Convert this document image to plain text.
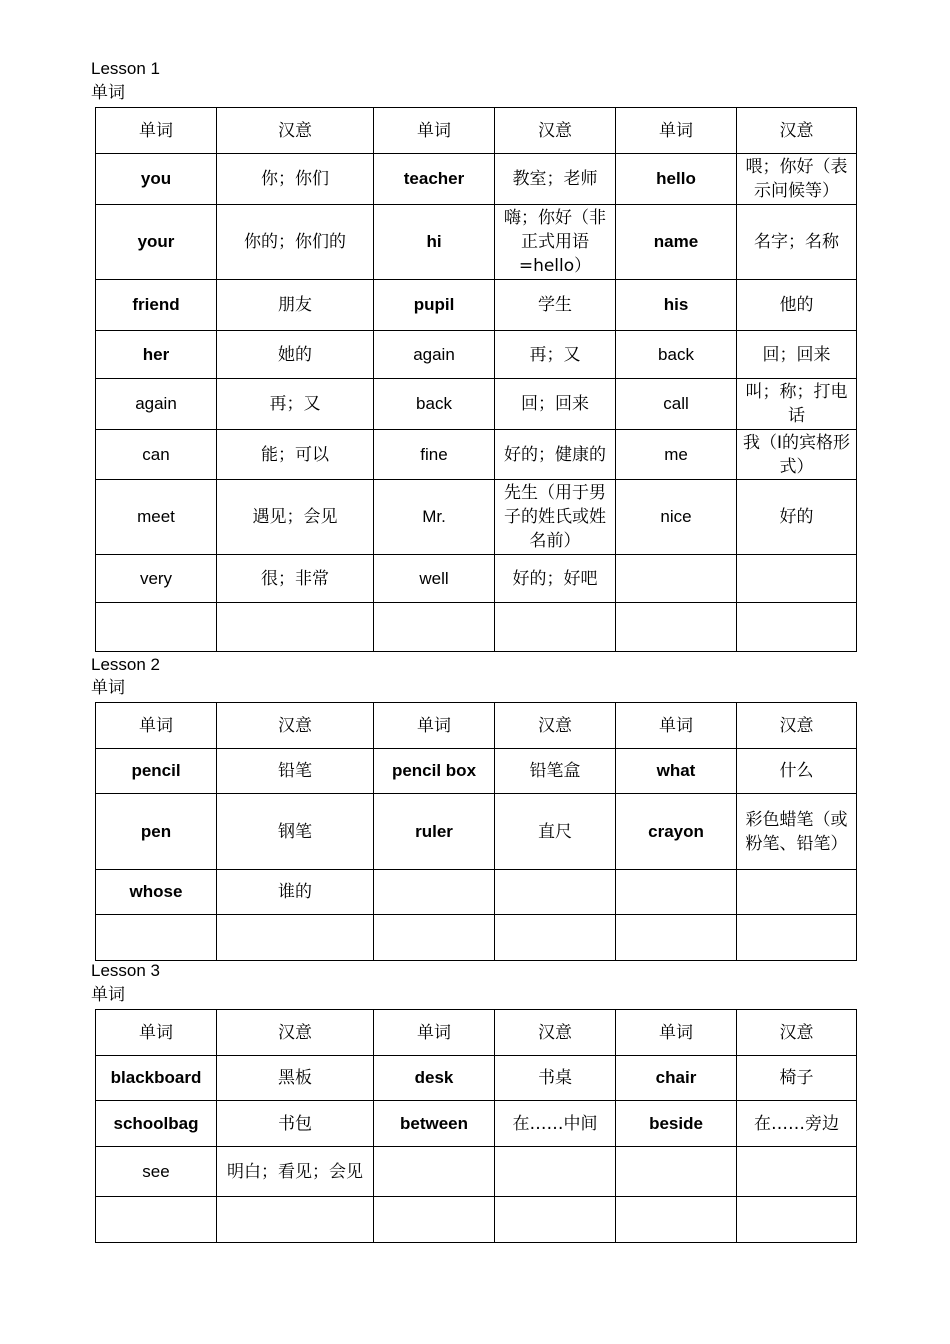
Lesson 1
单词
单词	汉意	单词	汉意	单词	汉意
you	你；你们	teacher	教室；老师	hello	喂；你好（表示问候等）
your	你的；你们的	hi	嗨；你好（非正式用语=hello）	name	名字；名称
friend	朋友	pupil	学生	his	他的
her	她的	again	再；又	back	回；回来
again	再；又	back	回；回来	call	叫；称；打电话
can	能；可以	fine	好的；健康的	me	我（I的宾格形式）
meet	遇见；会见	Mr.	先生（用于男子的姓氏或姓名前）	nice	好的
very	很；非常	well	好的；好吧		

Lesson 2
单词
单词	汉意	单词	汉意	单词	汉意
pencil	铅笔	pencil box	铅笔盒	what	什么
pen	钢笔	ruler	直尺	crayon	彩色蜡笔（或粉笔、铅笔）
whose	谁的				

Lesson 3
单词
单词	汉意	单词	汉意	单词	汉意
blackboard	黑板	desk	书桌	chair	椅子
schoolbag	书包	between	在……中间	beside	在……旁边
see	明白；看见；会见				
